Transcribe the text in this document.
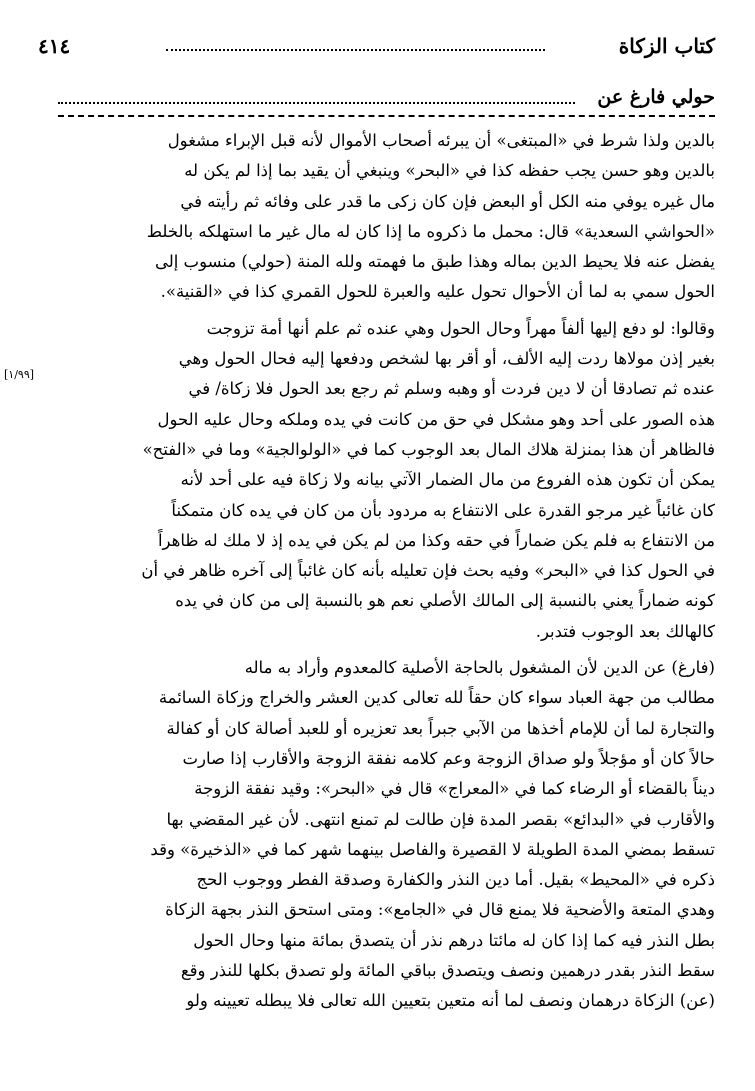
٤١٤	كتاب الزكاة
حولي فارغ عن
[١/٩٩]

بالدين ولذا شرط في «المبتغى» أن يبرئه أصحاب الأموال لأنه قبل الإبراء مشغول
بالدين وهو حسن يجب حفظه كذا في «البحر» وينبغي أن يقيد بما إذا لم يكن له
مال غيره يوفي منه الكل أو البعض فإن كان زكى ما قدر على وفائه ثم رأيته في
«الحواشي السعدية» قال: محمل ما ذكروه ما إذا كان له مال غير ما استهلكه بالخلط
يفضل عنه فلا يحيط الدين بماله وهذا طبق ما فهمته ولله المنة (حولي) منسوب إلى
الحول سمي به لما أن الأحوال تحول عليه والعبرة للحول القمري كذا في «القنية».

وقالوا: لو دفع إليها ألفاً مهراً وحال الحول وهي عنده ثم علم أنها أمة تزوجت
بغير إذن مولاها ردت إليه الألف، أو أقر بها لشخص ودفعها إليه فحال الحول وهي
عنده ثم تصادقا أن لا دين فردت أو وهبه وسلم ثم رجع بعد الحول فلا زكاة/ في
هذه الصور على أحد وهو مشكل في حق من كانت في يده وملكه وحال عليه الحول
فالظاهر أن هذا بمنزلة هلاك المال بعد الوجوب كما في «الولوالجية» وما في «الفتح»
يمكن أن تكون هذه الفروع من مال الضمار الآتي بيانه ولا زكاة فيه على أحد لأنه
كان غائباً غير مرجو القدرة على الانتفاع به مردود بأن من كان في يده كان متمكناً
من الانتفاع به فلم يكن ضماراً في حقه وكذا من لم يكن في يده إذ لا ملك له ظاهراً
في الحول كذا في «البحر» وفيه بحث فإن تعليله بأنه كان غائباً إلى آخره ظاهر في أن
كونه ضماراً يعني بالنسبة إلى المالك الأصلي نعم هو بالنسبة إلى من كان في يده
كالهالك بعد الوجوب فتدبر.

(فارغ) عن الدين لأن المشغول بالحاجة الأصلية كالمعدوم وأراد به ماله
مطالب من جهة العباد سواء كان حقاً لله تعالى كدين العشر والخراج وزكاة السائمة
والتجارة لما أن للإمام أخذها من الآبي جبراً بعد تعزيره أو للعبد أصالة كان أو كفالة
حالاً كان أو مؤجلاً ولو صداق الزوجة وعم كلامه نفقة الزوجة والأقارب إذا صارت
ديناً بالقضاء أو الرضاء كما في «المعراج» قال في «البحر»: وقيد نفقة الزوجة
والأقارب في «البدائع» بقصر المدة فإن طالت لم تمنع انتهى. لأن غير المقضي بها
تسقط بمضي المدة الطويلة لا القصيرة والفاصل بينهما شهر كما في «الذخيرة» وقد
ذكره في «المحيط» بقيل. أما دين النذر والكفارة وصدقة الفطر ووجوب الحج
وهدي المتعة والأضحية فلا يمنع قال في «الجامع»: ومتى استحق النذر بجهة الزكاة
بطل النذر فيه كما إذا كان له مائتا درهم نذر أن يتصدق بمائة منها وحال الحول
سقط النذر بقدر درهمين ونصف ويتصدق بباقي المائة ولو تصدق بكلها للنذر وقع
(عن) الزكاة درهمان ونصف لما أنه متعين بتعيين الله تعالى فلا يبطله تعيينه ولو
